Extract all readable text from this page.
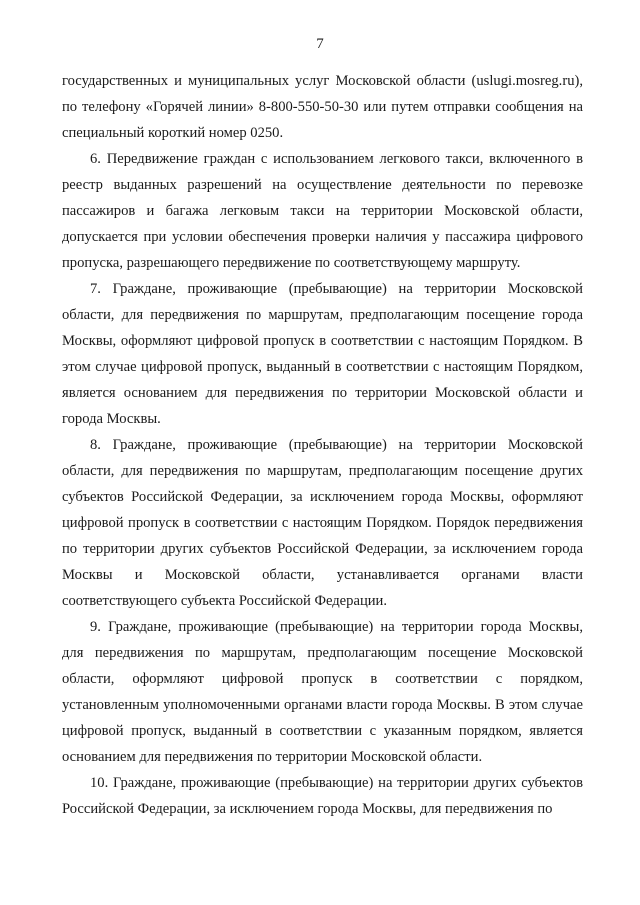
7

государственных и муниципальных услуг Московской области (uslugi.mosreg.ru), по телефону «Горячей линии» 8-800-550-50-30 или путем отправки сообщения на специальный короткий номер 0250.

6. Передвижение граждан с использованием легкового такси, включенного в реестр выданных разрешений на осуществление деятельности по перевозке пассажиров и багажа легковым такси на территории Московской области, допускается при условии обеспечения проверки наличия у пассажира цифрового пропуска, разрешающего передвижение по соответствующему маршруту.

7. Граждане, проживающие (пребывающие) на территории Московской области, для передвижения по маршрутам, предполагающим посещение города Москвы, оформляют цифровой пропуск в соответствии с настоящим Порядком. В этом случае цифровой пропуск, выданный в соответствии с настоящим Порядком, является основанием для передвижения по территории Московской области и города Москвы.

8. Граждане, проживающие (пребывающие) на территории Московской области, для передвижения по маршрутам, предполагающим посещение других субъектов Российской Федерации, за исключением города Москвы, оформляют цифровой пропуск в соответствии с настоящим Порядком. Порядок передвижения по территории других субъектов Российской Федерации, за исключением города Москвы и Московской области, устанавливается органами власти соответствующего субъекта Российской Федерации.

9. Граждане, проживающие (пребывающие) на территории города Москвы, для передвижения по маршрутам, предполагающим посещение Московской области, оформляют цифровой пропуск в соответствии с порядком, установленным уполномоченными органами власти города Москвы. В этом случае цифровой пропуск, выданный в соответствии с указанным порядком, является основанием для передвижения по территории Московской области.

10. Граждане, проживающие (пребывающие) на территории других субъектов Российской Федерации, за исключением города Москвы, для передвижения по
